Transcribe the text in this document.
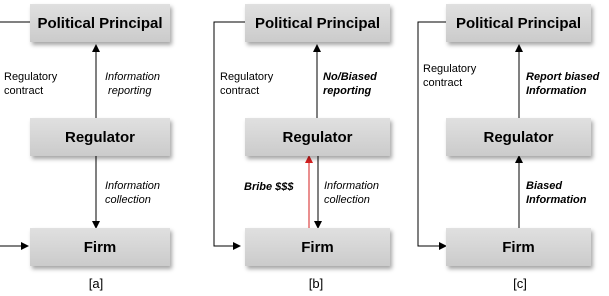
Political Principal
Regulator
Firm
Regulatory
contract
Information
reporting
Information
collection
[a]
Political Principal
Regulator
Firm
Regulatory
contract
No/Biased
reporting
Bribe $$$	Information
collection
[b]
Political Principal
Regulator
Firm
Regulatory
contract	Report biased
Information
Biased
Information
[c]
